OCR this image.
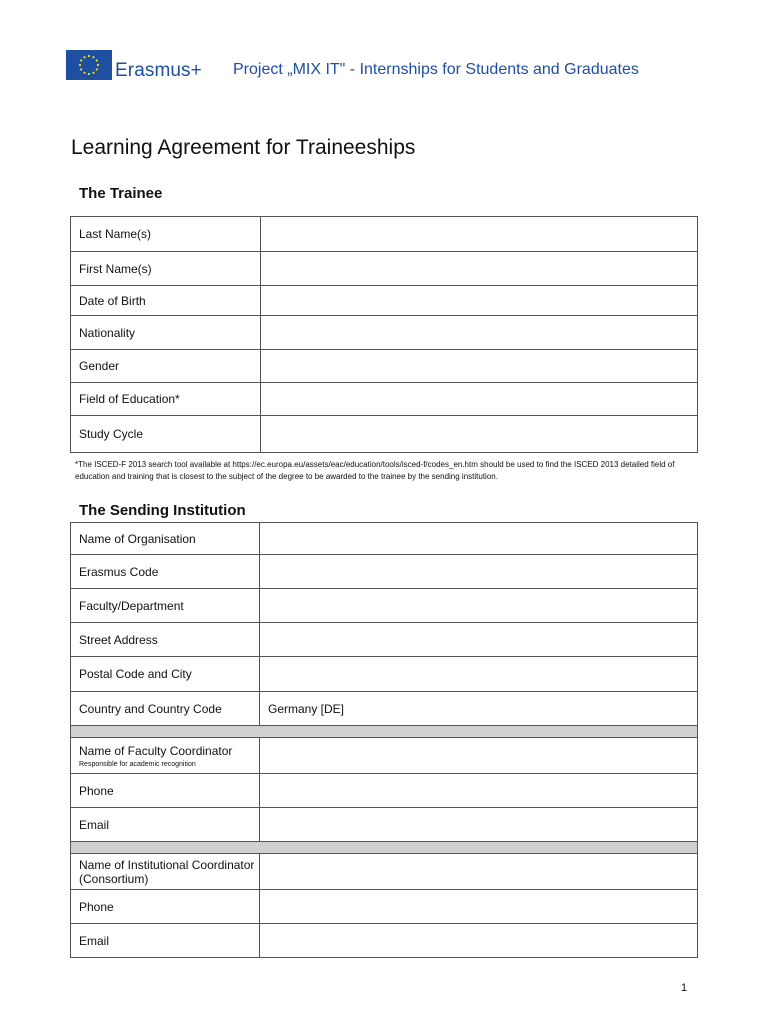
Erasmus+ Project „MIX IT" - Internships for Students and Graduates
Learning Agreement for Traineeships
The Trainee
Last Name(s)	
First Name(s)	
Date of Birth	
Nationality	
Gender	
Field of Education*	
Study Cycle	
*The ISCED-F 2013 search tool available at https://ec.europa.eu/assets/eac/education/tools/isced-f/codes_en.htm should be used to find the ISCED 2013 detailed field of education and training that is closest to the subject of the degree to be awarded to the trainee by the sending institution.
The Sending Institution
Name of Organisation	
Erasmus Code	
Faculty/Department	
Street Address	
Postal Code and City	
Country and Country Code	Germany [DE]

Name of Faculty Coordinator
Responsible for academic recognition	

Phone	
Email	

Name of Institutional Coordinator (Consortium)	
Phone	
Email	
1
